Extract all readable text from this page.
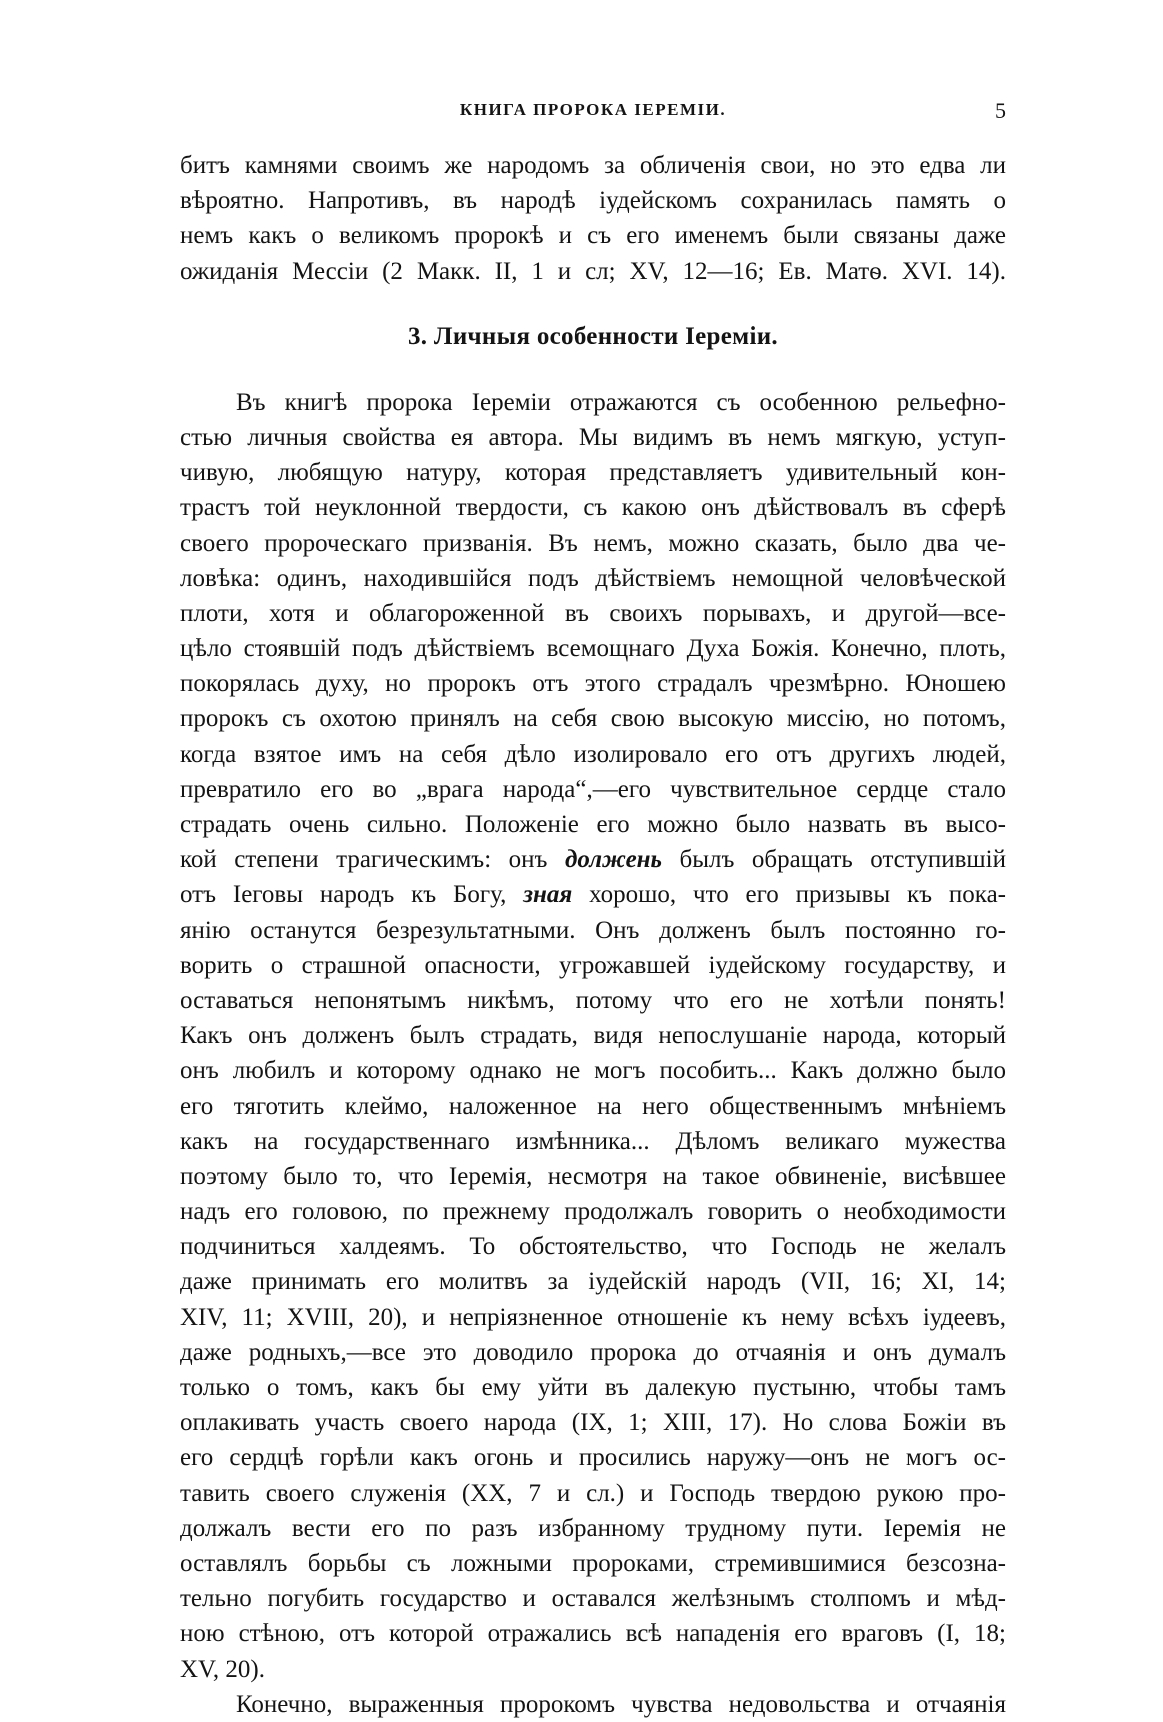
КНИГА ПРОРОКА ІЕРЕМІИ.	5
битъ камнями своимъ же народомъ за обличенія свои, но это едва ли
вѣроятно. Напротивъ, въ народѣ іудейскомъ сохранилась память о
немъ какъ о великомъ пророкѣ и съ его именемъ были связаны даже
ожиданія Мессіи (2 Макк. II, 1 и сл; XV, 12—16; Ев. Матѳ. XVI. 14).
3. Личныя особенности Іереміи.
Въ книгѣ пророка Іереміи отражаются съ особенною рельефно-
стью личныя свойства ея автора. Мы видимъ въ немъ мягкую, уступ-
чивую, любящую натуру, которая представляетъ удивительный кон-
трастъ той неуклонной твердости, съ какою онъ дѣйствовалъ въ сферѣ
своего пророческаго призванія. Въ немъ, можно сказать, было два че-
ловѣка: одинъ, находившійся подъ дѣйствіемъ немощной человѣческой
плоти, хотя и облагороженной въ своихъ порывахъ, и другой—все-
цѣло стоявшій подъ дѣйствіемъ всемощнаго Духа Божія. Конечно, плоть,
покорялась духу, но пророкъ отъ этого страдалъ чрезмѣрно. Юношею
пророкъ съ охотою принялъ на себя свою высокую миссію, но потомъ,
когда взятое имъ на себя дѣло изолировало его отъ другихъ людей,
превратило его во „врага народа“,—его чувствительное сердце стало
страдать очень сильно. Положеніе его можно было назвать въ высо-
кой степени трагическимъ: онъ должень былъ обращать отступившій
отъ Іеговы народъ къ Богу, зная хорошо, что его призывы къ пока-
янію останутся безрезультатными. Онъ долженъ былъ постоянно го-
ворить о страшной опасности, угрожавшей іудейскому государству, и
оставаться непонятымъ никѣмъ, потому что его не хотѣли понять!
Какъ онъ долженъ былъ страдать, видя непослушаніе народа, который
онъ любилъ и которому однако не могъ пособить... Какъ должно было
его тяготить клеймо, наложенное на него общественнымъ мнѣніемъ
какъ на государственнаго измѣнника... Дѣломъ великаго мужества
поэтому было то, что Іеремія, несмотря на такое обвиненіе, висѣвшее
надъ его головою, по прежнему продолжалъ говорить о необходимости
подчиниться халдеямъ. То обстоятельство, что Господь не желалъ
даже принимать его молитвъ за іудейскій народъ (VII, 16; XI, 14;
XIV, 11; XVIII, 20), и непріязненное отношеніе къ нему всѣхъ іудеевъ,
даже родныхъ,—все это доводило пророка до отчаянія и онъ думалъ
только о томъ, какъ бы ему уйти въ далекую пустыню, чтобы тамъ
оплакивать участь своего народа (IX, 1; XIII, 17). Но слова Божіи въ
его сердцѣ горѣли какъ огонь и просились наружу—онъ не могъ ос-
тавить своего служенія (XX, 7 и сл.) и Господь твердою рукою про-
должалъ вести его по разъ избранному трудному пути. Іеремія не
оставлялъ борьбы съ ложными пророками, стремившимися безсозна-
тельно погубить государство и оставался желѣзнымъ столпомъ и мѣд-
ною стѣною, отъ которой отражались всѣ нападенія его враговъ (I, 18;
XV, 20).
Конечно, выраженныя пророкомъ чувства недовольства и отчаянія
